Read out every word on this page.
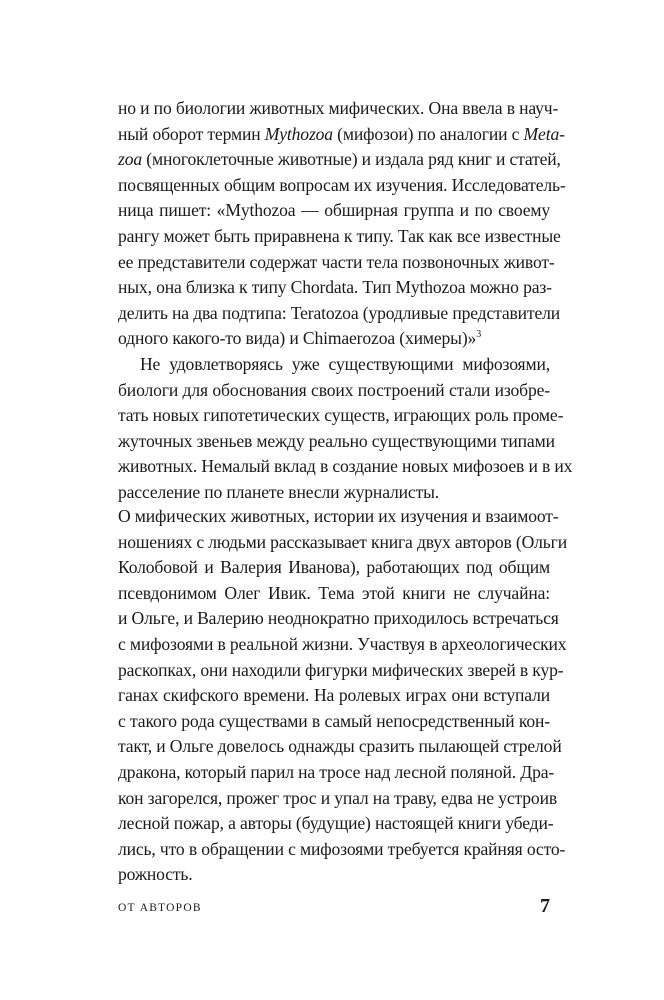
но и по биологии животных мифических. Она ввела в науч-
ный оборот термин Mythozoa (мифозои) по аналогии с Meta-
zoa (многоклеточные животные) и издала ряд книг и статей,
посвященных общим вопросам их изучения. Исследователь-
ница пишет: «Mythozoa — обширная группа и по своему
рангу может быть приравнена к типу. Так как все известные
ее представители содержат части тела позвоночных живот-
ных, она близка к типу Chordata. Тип Mythozoa можно раз-
делить на два подтипа: Teratozoa (уродливые представители
одного какого-то вида) и Chimaerozoa (химеры)»$^3$
Не удовлетворяясь уже существующими мифозоями,
биологи для обоснования своих построений стали изобре-
тать новых гипотетических существ, играющих роль проме-
жуточных звеньев между реально существующими типами
животных. Немалый вклад в создание новых мифозоев и в их
расселение по планете внесли журналисты.
О мифических животных, истории их изучения и взаимоот-
ношениях с людьми рассказывает книга двух авторов (Ольги
Колобовой и Валерия Иванова), работающих под общим
псевдонимом Олег Ивик. Тема этой книги не случайна:
и Ольге, и Валерию неоднократно приходилось встречаться
с мифозоями в реальной жизни. Участвуя в археологических
раскопках, они находили фигурки мифических зверей в кур-
ганах скифского времени. На ролевых играх они вступали
с такого рода существами в самый непосредственный кон-
такт, и Ольге довелось однажды сразить пылающей стрелой
дракона, который парил на тросе над лесной поляной. Дра-
кон загорелся, прожег трос и упал на траву, едва не устроив
лесной пожар, а авторы (будущие) настоящей книги убеди-
лись, что в обращении с мифозоями требуется крайняя осто-
рожность.
ОТ АВТОРОВ	7
